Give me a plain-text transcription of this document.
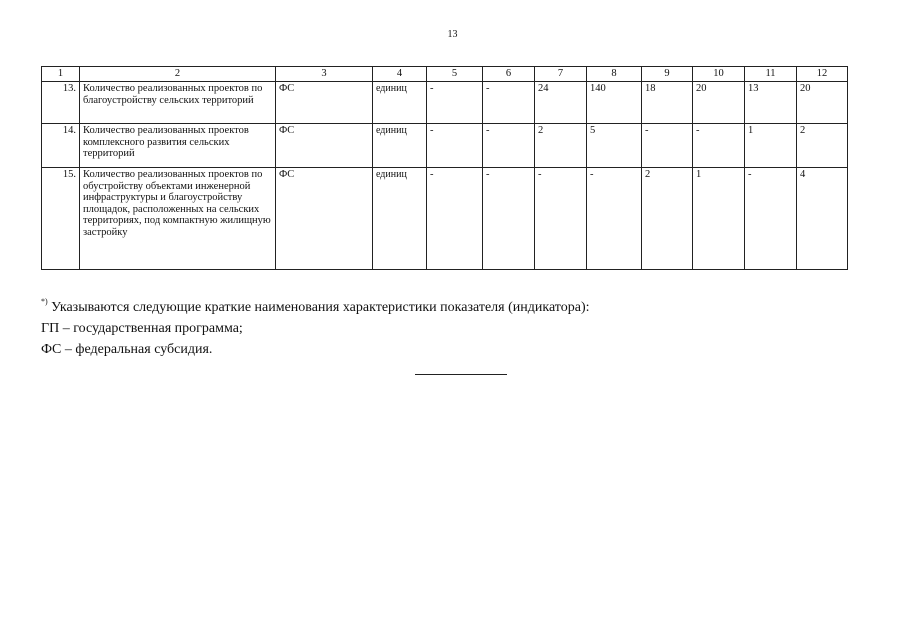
13
1	2	3	4	5	6	7	8	9	10	11	12
13.	Количество реализованных проектов по благоустройству сельских территорий	ФС	единиц	-	-	24	140	18	20	13	20
14.	Количество реализованных проектов комплексного развития сельских территорий	ФС	единиц	-	-	2	5	-	-	1	2
15.	Количество реализованных проектов по обустройству объектами инженерной инфраструктуры и благоустройству площадок, расположенных на сельских территориях, под компактную жилищную застройку	ФС	единиц	-	-	-	-	2	1	-	4
*) Указываются следующие краткие наименования характеристики показателя (индикатора):
ГП – государственная программа;
ФС – федеральная субсидия.
